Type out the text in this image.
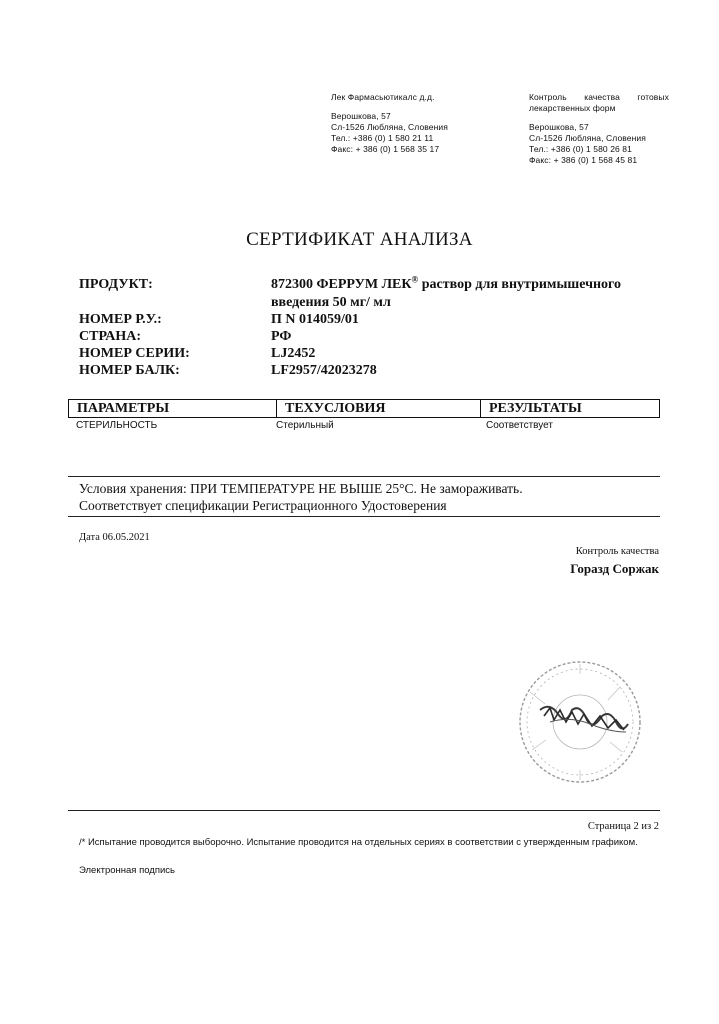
Лек Фармасьютикалс д.д.
Верошкова, 57
Сл-1526 Любляна, Словения
Тел.: +386 (0) 1 580 21 11
Факс: + 386 (0) 1 568 35 17
Контроль качества готовых
лекарственных форм
Верошкова, 57
Сл-1526 Любляна, Словения
Тел.: +386 (0) 1 580 26 81
Факс: + 386 (0) 1 568 45 81
СЕРТИФИКАТ АНАЛИЗА
ПРОДУКТ:	872300 ФЕРРУМ ЛЕК® раствор для внутримышечного
введения 50 мг/ мл
НОМЕР Р.У.:	П N 014059/01
СТРАНА:	РФ
НОМЕР СЕРИИ:	LJ2452
НОМЕР БАЛК:	LF2957/42023278
ПАРАМЕТРЫ	ТЕХУСЛОВИЯ	РЕЗУЛЬТАТЫ
СТЕРИЛЬНОСТЬ	Стерильный	Соответствует
Условия хранения: ПРИ ТЕМПЕРАТУРЕ НЕ ВЫШЕ 25°С. Не замораживать.
Соответствует спецификации Регистрационного Удостоверения
Дата 06.05.2021
Контроль качества
Горазд Соржак
Страница 2 из 2
/* Испытание проводится выборочно. Испытание проводится на отдельных сериях в соответствии с утвержденным графиком.
Электронная подпись
